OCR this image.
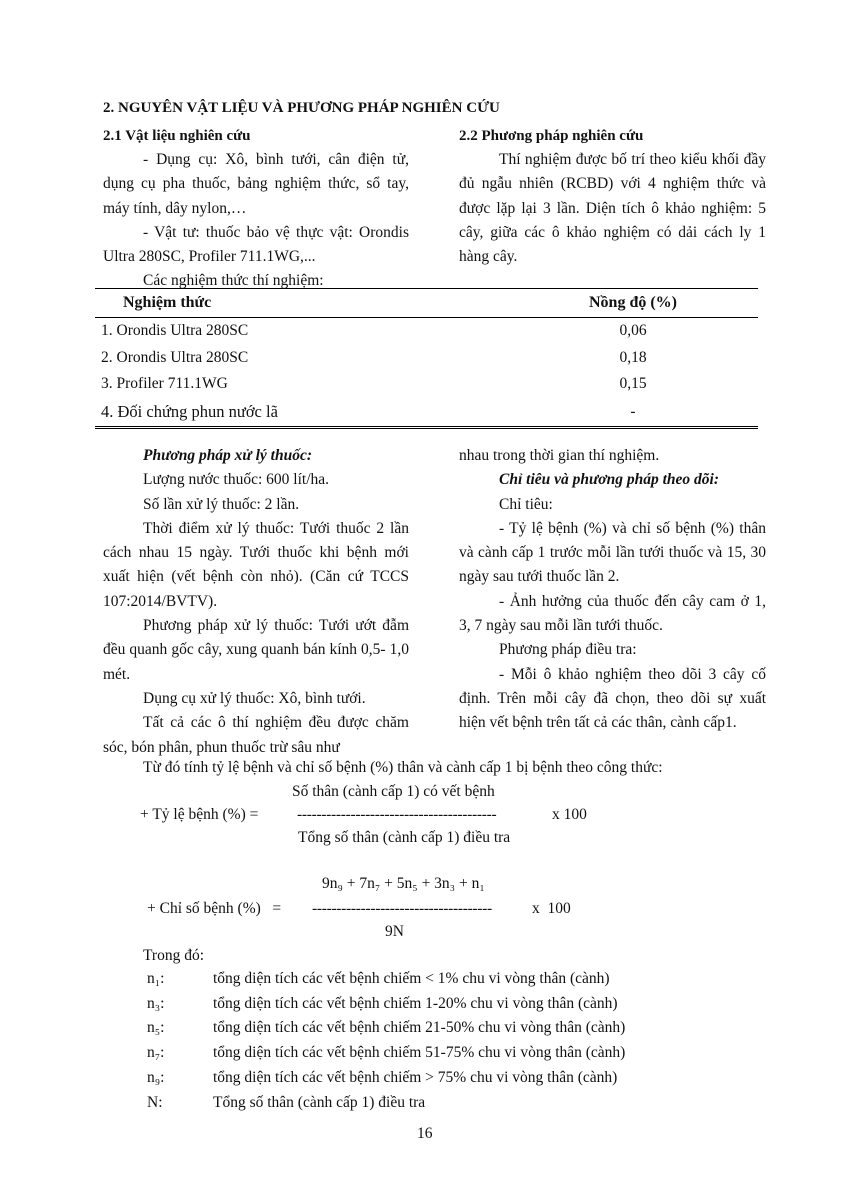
2. NGUYÊN VẬT LIỆU VÀ PHƯƠNG PHÁP NGHIÊN CỨU

2.1 Vật liệu nghiên cứu

- Dụng cụ: Xô, bình tưới, cân điện tử, dụng cụ pha thuốc, bảng nghiệm thức, sổ tay, máy tính, dây nylon,…

- Vật tư: thuốc bảo vệ thực vật: Orondis Ultra 280SC, Profiler 711.1WG,...

Các nghiệm thức thí nghiệm:

2.2 Phương pháp nghiên cứu

Thí nghiệm được bố trí theo kiểu khối đầy đủ ngẫu nhiên (RCBD) với 4 nghiệm thức và được lặp lại 3 lần. Diện tích ô khảo nghiệm: 5 cây, giữa các ô khảo nghiệm có dải cách ly 1 hàng cây.

Nghiệm thức	Nồng độ (%)
1. Orondis Ultra 280SC	0,06
2. Orondis Ultra 280SC	0,18
3. Profiler 711.1WG	0,15
4. Đối chứng phun nước lã	-

Phương pháp xử lý thuốc:

Lượng nước thuốc: 600 lít/ha.

Số lần xử lý thuốc: 2 lần.

Thời điểm xử lý thuốc: Tưới thuốc 2 lần cách nhau 15 ngày. Tưới thuốc khi bệnh mới xuất hiện (vết bệnh còn nhỏ). (Căn cứ TCCS 107:2014/BVTV).

Phương pháp xử lý thuốc: Tưới ướt đẫm đều quanh gốc cây, xung quanh bán kính 0,5- 1,0 mét.

Dụng cụ xử lý thuốc: Xô, bình tưới.

Tất cả các ô thí nghiệm đều được chăm sóc, bón phân, phun thuốc trừ sâu như

nhau trong thời gian thí nghiệm.

Chỉ tiêu và phương pháp theo dõi:

Chỉ tiêu:

- Tỷ lệ bệnh (%) và chỉ số bệnh (%) thân và cành cấp 1 trước mỗi lần tưới thuốc và 15, 30 ngày sau tưới thuốc lần 2.

- Ảnh hưởng của thuốc đến cây cam ở 1, 3, 7 ngày sau mỗi lần tưới thuốc.

Phương pháp điều tra:

- Mỗi ô khảo nghiệm theo dõi 3 cây cố định. Trên mỗi cây đã chọn, theo dõi sự xuất hiện vết bệnh trên tất cả các thân, cành cấp1.

Từ đó tính tỷ lệ bệnh và chỉ số bệnh (%) thân và cành cấp 1 bị bệnh theo công thức:
Số thân (cành cấp 1) có vết bệnh
+ Tỷ lệ bệnh (%) = -----------------------------------------	x 100
Tổng số thân (cành cấp 1) điều tra
9n₉ + 7n₇ + 5n₅ + 3n₃ + n₁
+ Chỉ số bệnh (%)   = -------------------------------------	x  100
9N
Trong đó:
n₁:	tổng diện tích các vết bệnh chiếm < 1% chu vi vòng thân (cành)
n₃:	tổng diện tích các vết bệnh chiếm 1-20% chu vi vòng thân (cành)
n₅:	tổng diện tích các vết bệnh chiếm 21-50% chu vi vòng thân (cành)
n₇:	tổng diện tích các vết bệnh chiếm 51-75% chu vi vòng thân (cành)
n₉:	tổng diện tích các vết bệnh chiếm > 75% chu vi vòng thân (cành)
N:	Tổng số thân (cành cấp 1) điều tra
16
